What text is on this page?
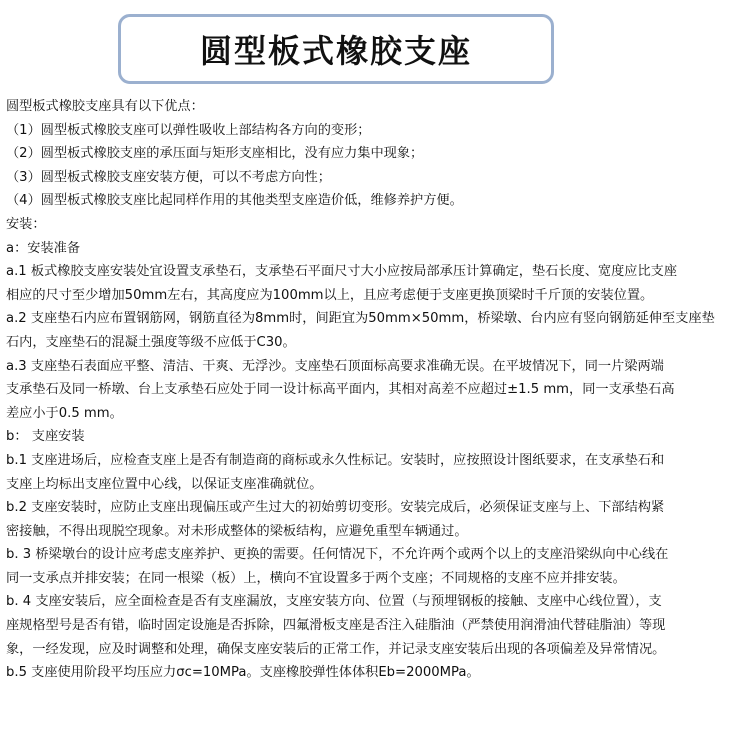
圆型板式橡胶支座
圆型板式橡胶支座具有以下优点：
（1）圆型板式橡胶支座可以弹性吸收上部结构各方向的变形；
（2）圆型板式橡胶支座的承压面与矩形支座相比，没有应力集中现象；
（3）圆型板式橡胶支座安装方便，可以不考虑方向性；
（4）圆型板式橡胶支座比起同样作用的其他类型支座造价低，维修养护方便。
安装：
a：安装准备
a.1 板式橡胶支座安装处宜设置支承垫石，支承垫石平面尺寸大小应按局部承压计算确定，垫石长度、宽度应比支座
相应的尺寸至少增加50mm左右，其高度应为100mm以上，且应考虑便于支座更换顶梁时千斤顶的安装位置。
a.2 支座垫石内应布置钢筋网，钢筋直径为8mm时，间距宜为50mm×50mm，桥梁墩、台内应有竖向钢筋延伸至支座垫
石内，支座垫石的混凝土强度等级不应低于C30。
a.3 支座垫石表面应平整、清洁、干爽、无浮沙。支座垫石顶面标高要求准确无误。在平坡情况下，同一片梁两端
支承垫石及同一桥墩、台上支承垫石应处于同一设计标高平面内，其相对高差不应超过±1.5 mm，同一支承垫石高
差应小于0.5 mm。
b： 支座安装
b.1 支座进场后，应检查支座上是否有制造商的商标或永久性标记。安装时，应按照设计图纸要求，在支承垫石和
支座上均标出支座位置中心线，以保证支座准确就位。
b.2 支座安装时，应防止支座出现偏压或产生过大的初始剪切变形。安装完成后，必须保证支座与上、下部结构紧
密接触，不得出现脱空现象。对未形成整体的梁板结构，应避免重型车辆通过。
b. 3 桥梁墩台的设计应考虑支座养护、更换的需要。任何情况下，不允许两个或两个以上的支座沿梁纵向中心线在
同一支承点并排安装；在同一根梁（板）上，横向不宜设置多于两个支座；不同规格的支座不应并排安装。
b. 4 支座安装后，应全面检查是否有支座漏放，支座安装方向、位置（与预埋钢板的接触、支座中心线位置），支
座规格型号是否有错，临时固定设施是否拆除，四氟滑板支座是否注入硅脂油（严禁使用润滑油代替硅脂油）等现
象，一经发现，应及时调整和处理，确保支座安装后的正常工作，并记录支座安装后出现的各项偏差及异常情况。
b.5 支座使用阶段平均压应力σc=10MPa。支座橡胶弹性体体积Eb=2000MPa。
